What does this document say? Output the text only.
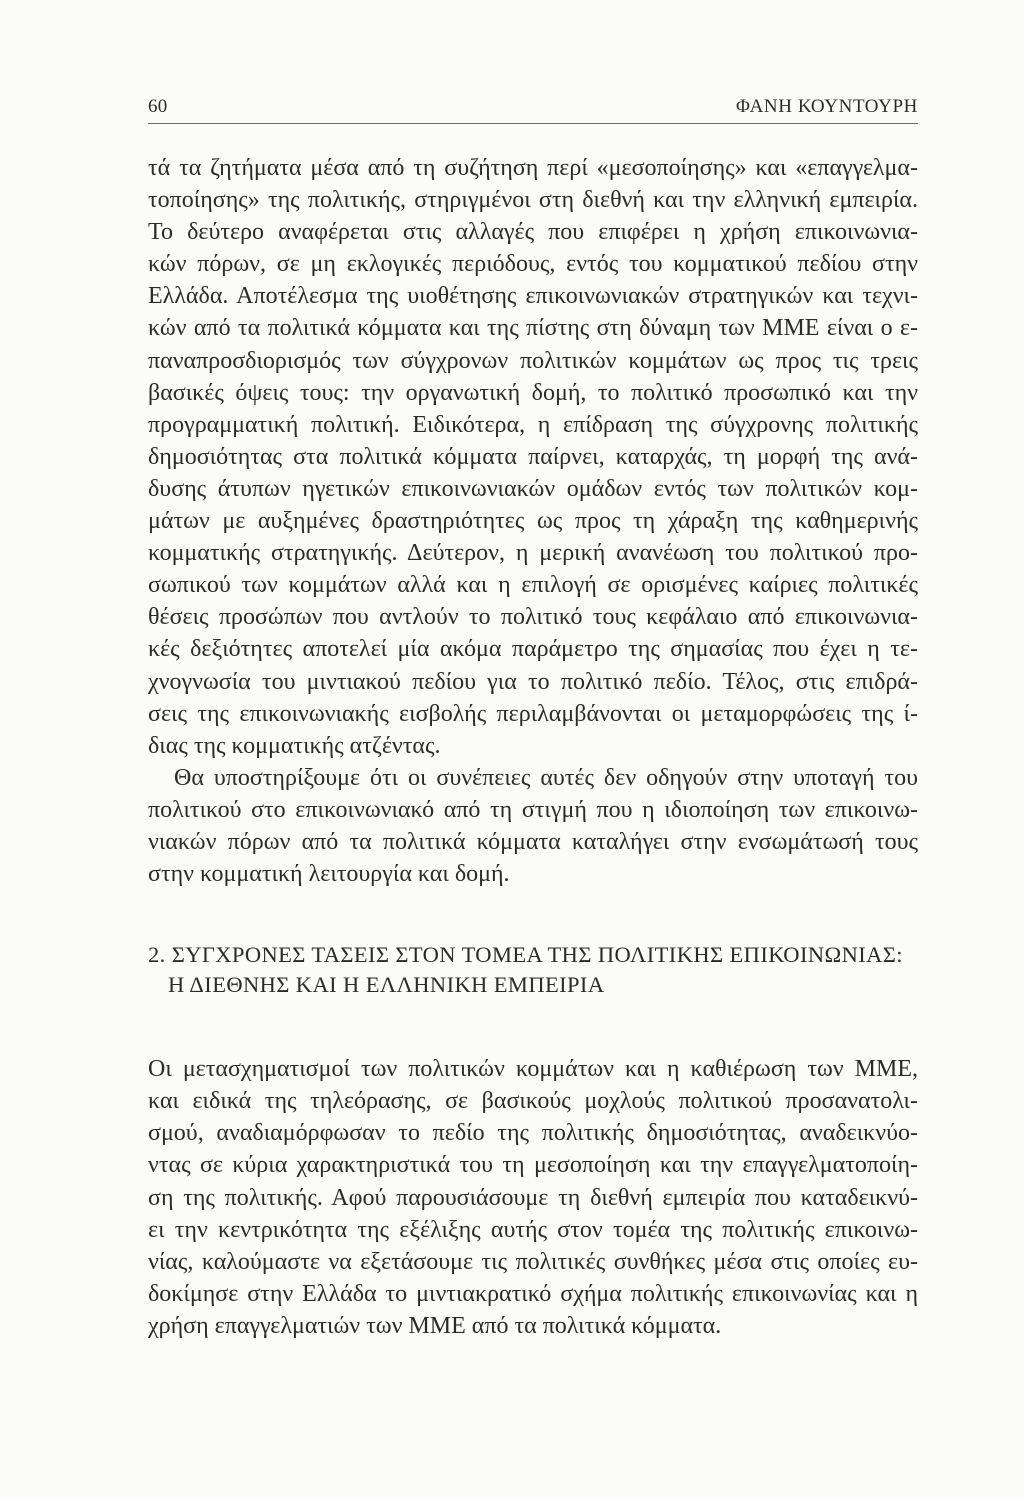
60	ΦΑΝΗ ΚΟΥΝΤΟΥΡΗ
τά τα ζητήματα μέσα από τη συζήτηση περί «μεσοποίησης» και «επαγγελμα-
τοποίησης» της πολιτικής, στηριγμένοι στη διεθνή και την ελληνική εμπειρία.
Το δεύτερο αναφέρεται στις αλλαγές που επιφέρει η χρήση επικοινωνια-
κών πόρων, σε μη εκλογικές περιόδους, εντός του κομματικού πεδίου στην
Ελλάδα. Αποτέλεσμα της υιοθέτησης επικοινωνιακών στρατηγικών και τεχνι-
κών από τα πολιτικά κόμματα και της πίστης στη δύναμη των ΜΜΕ είναι ο ε-
παναπροσδιορισμός των σύγχρονων πολιτικών κομμάτων ως προς τις τρεις
βασικές όψεις τους: την οργανωτική δομή, το πολιτικό προσωπικό και την
προγραμματική πολιτική. Ειδικότερα, η επίδραση της σύγχρονης πολιτικής
δημοσιότητας στα πολιτικά κόμματα παίρνει, καταρχάς, τη μορφή της ανά-
δυσης άτυπων ηγετικών επικοινωνιακών ομάδων εντός των πολιτικών κομ-
μάτων με αυξημένες δραστηριότητες ως προς τη χάραξη της καθημερινής
κομματικής στρατηγικής. Δεύτερον, η μερική ανανέωση του πολιτικού προ-
σωπικού των κομμάτων αλλά και η επιλογή σε ορισμένες καίριες πολιτικές
θέσεις προσώπων που αντλούν το πολιτικό τους κεφάλαιο από επικοινωνια-
κές δεξιότητες αποτελεί μία ακόμα παράμετρο της σημασίας που έχει η τε-
χνογνωσία του μιντιακού πεδίου για το πολιτικό πεδίο. Τέλος, στις επιδρά-
σεις της επικοινωνιακής εισβολής περιλαμβάνονται οι μεταμορφώσεις της ί-
διας της κομματικής ατζέντας.
Θα υποστηρίξουμε ότι οι συνέπειες αυτές δεν οδηγούν στην υποταγή του
πολιτικού στο επικοινωνιακό από τη στιγμή που η ιδιοποίηση των επικοινω-
νιακών πόρων από τα πολιτικά κόμματα καταλήγει στην ενσωμάτωσή τους
στην κομματική λειτουργία και δομή.
2. ΣΥΓΧΡΟΝΕΣ ΤΑΣΕΙΣ ΣΤΟΝ ΤΟΜΕΑ ΤΗΣ ΠΟΛΙΤΙΚΗΣ ΕΠΙΚΟΙΝΩΝΙΑΣ:
Η ΔΙΕΘΝΗΣ ΚΑΙ Η ΕΛΛΗΝΙΚΗ ΕΜΠΕΙΡΙΑ
Οι μετασχηματισμοί των πολιτικών κομμάτων και η καθιέρωση των ΜΜΕ,
και ειδικά της τηλεόρασης, σε βασικούς μοχλούς πολιτικού προσανατολι-
σμού, αναδιαμόρφωσαν το πεδίο της πολιτικής δημοσιότητας, αναδεικνύο-
ντας σε κύρια χαρακτηριστικά του τη μεσοποίηση και την επαγγελματοποίη-
ση της πολιτικής. Αφού παρουσιάσουμε τη διεθνή εμπειρία που καταδεικνύ-
ει την κεντρικότητα της εξέλιξης αυτής στον τομέα της πολιτικής επικοινω-
νίας, καλούμαστε να εξετάσουμε τις πολιτικές συνθήκες μέσα στις οποίες ευ-
δοκίμησε στην Ελλάδα το μιντιακρατικό σχήμα πολιτικής επικοινωνίας και η
χρήση επαγγελματιών των ΜΜΕ από τα πολιτικά κόμματα.
